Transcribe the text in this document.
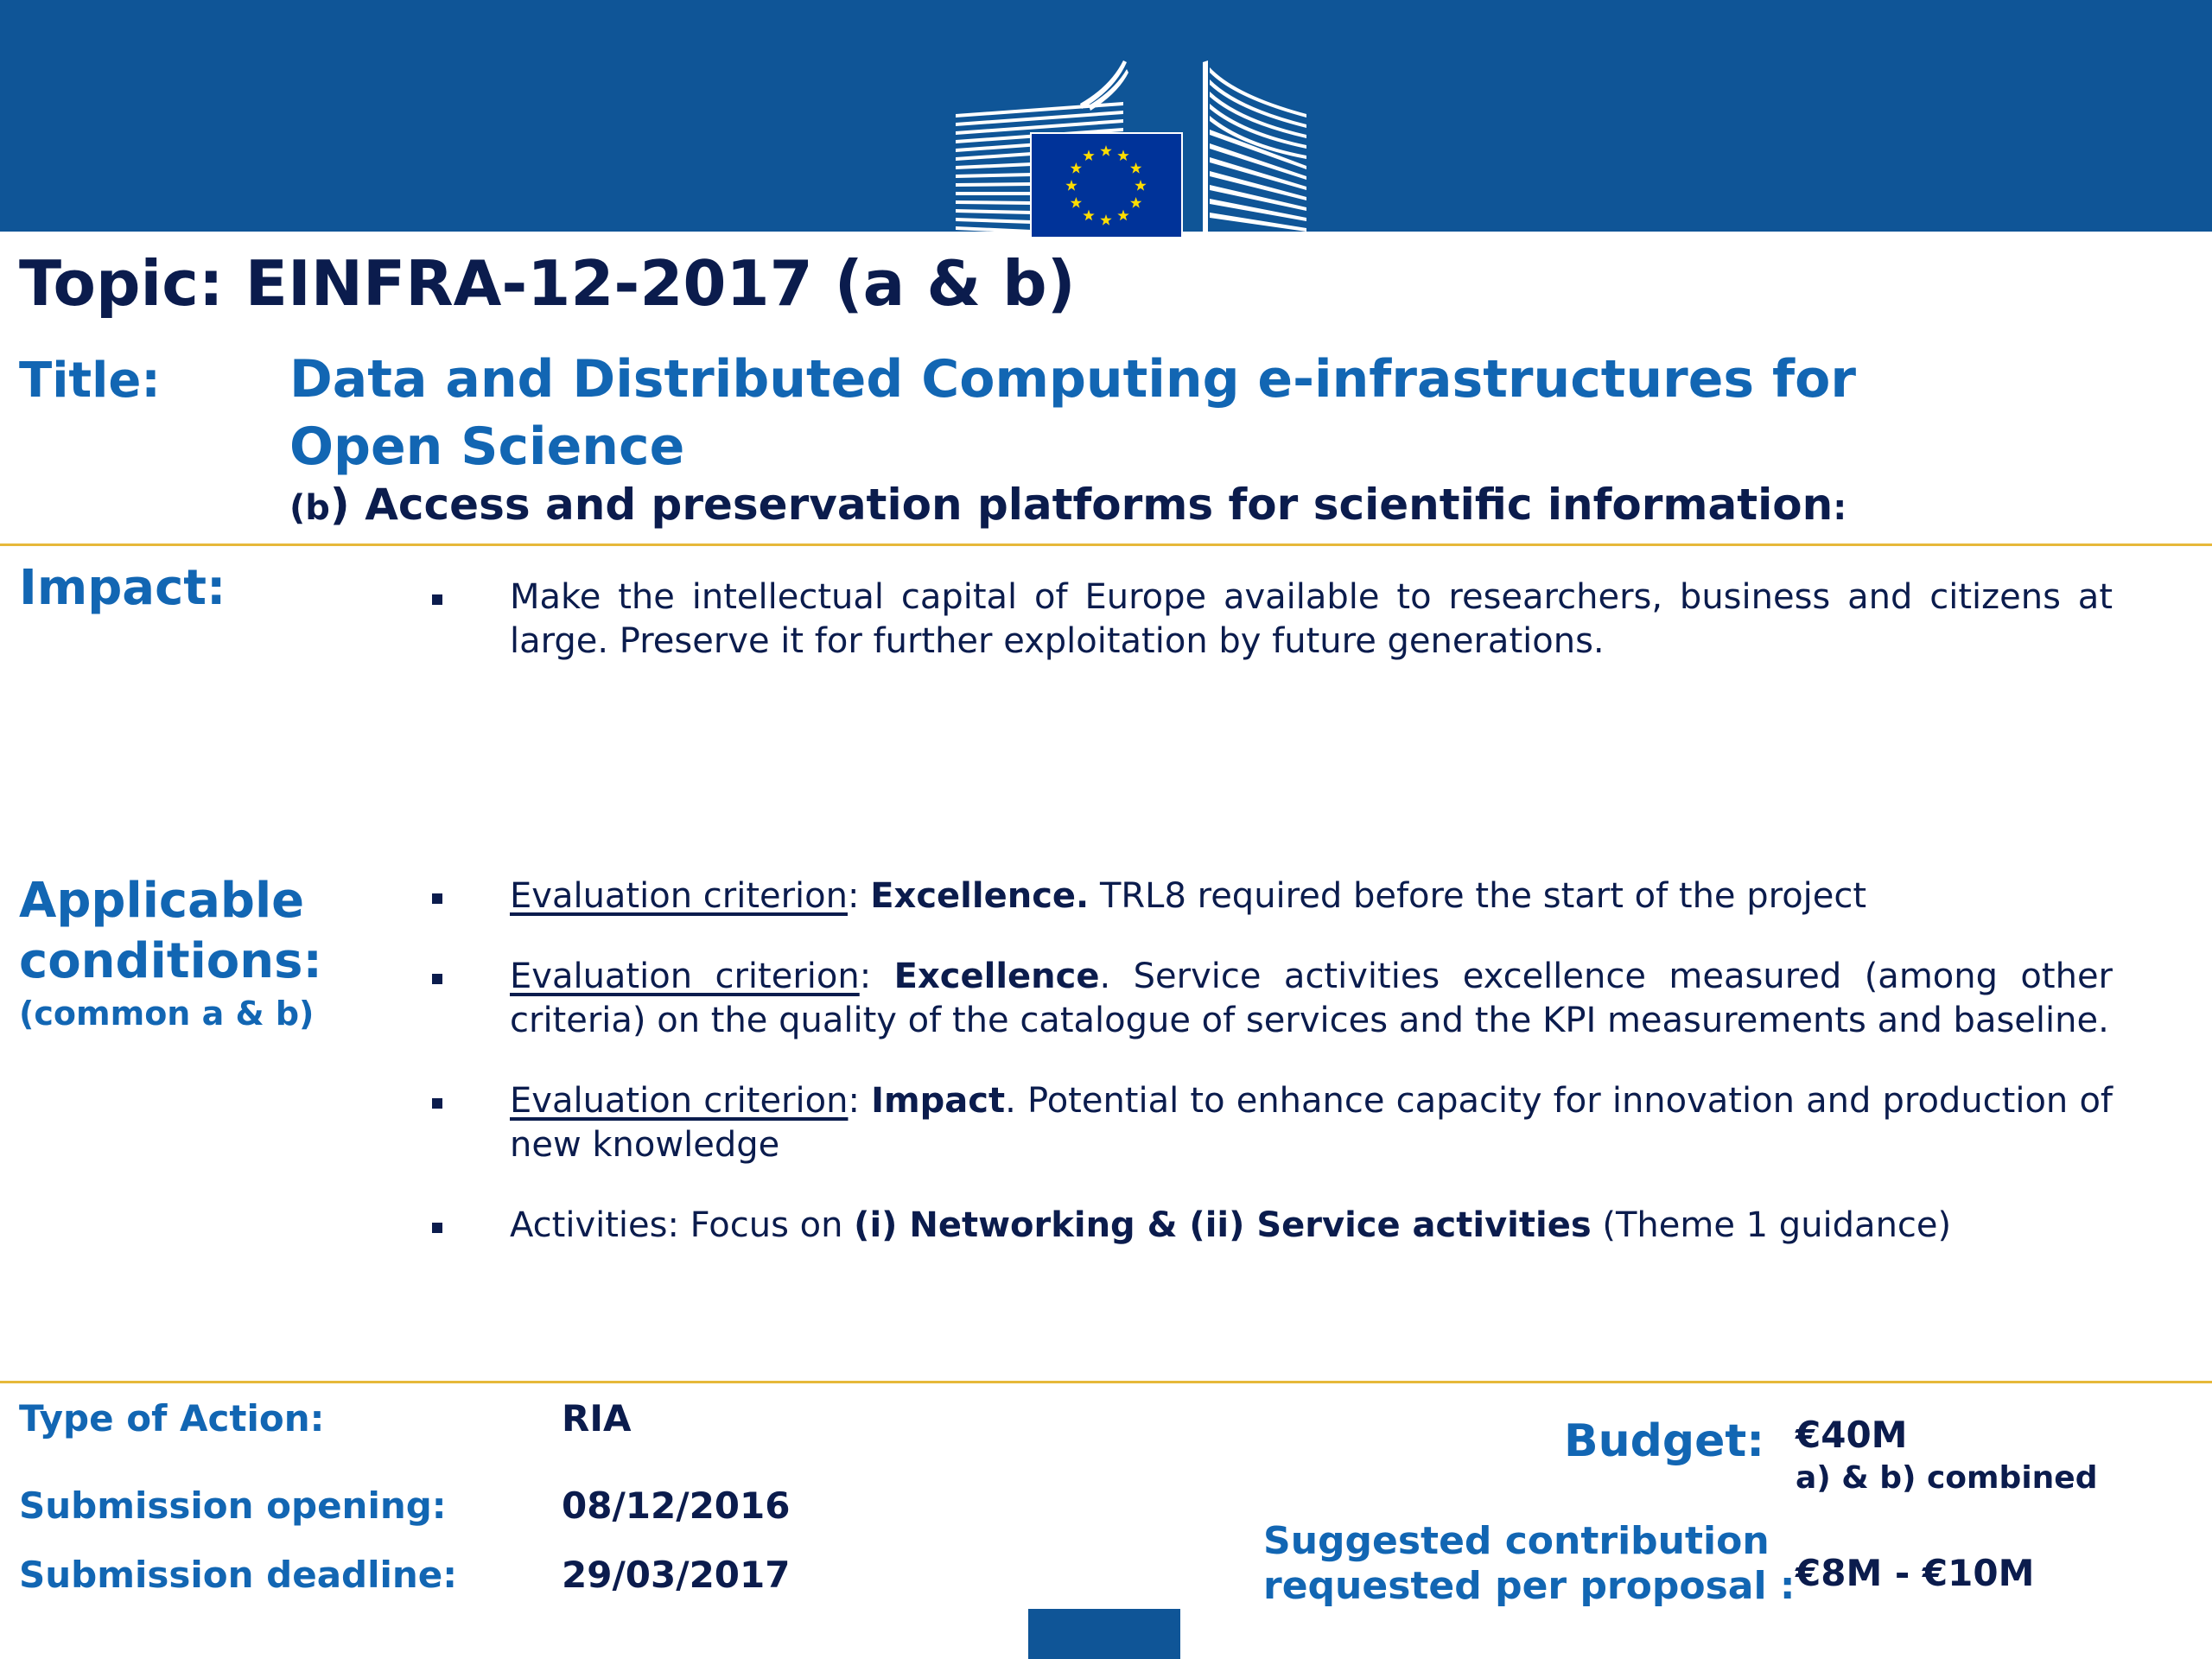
Topic: EINFRA-12-2017 (a & b)
Title: Data and Distributed Computing e-infrastructures for Open Science
(b) Access and preservation platforms for scientific information:
Impact:	Make the intellectual capital of Europe available to researchers, business and citizens at large. Preserve it for further exploitation by future generations.
Applicable conditions:
(common a & b)
Evaluation criterion: Excellence. TRL8 required before the start of the project
Evaluation criterion: Excellence. Service activities excellence measured (among other criteria) on the quality of the catalogue of services and the KPI measurements and baseline.
Evaluation criterion: Impact. Potential to enhance capacity for innovation and production of new knowledge
Activities: Focus on (i) Networking & (ii) Service activities (Theme 1 guidance)
Type of Action:	RIA
Submission opening:	08/12/2016
Submission deadline:	29/03/2017
Budget: €40M
a) & b) combined
Suggested contribution
requested per proposal : €8M - €10M
